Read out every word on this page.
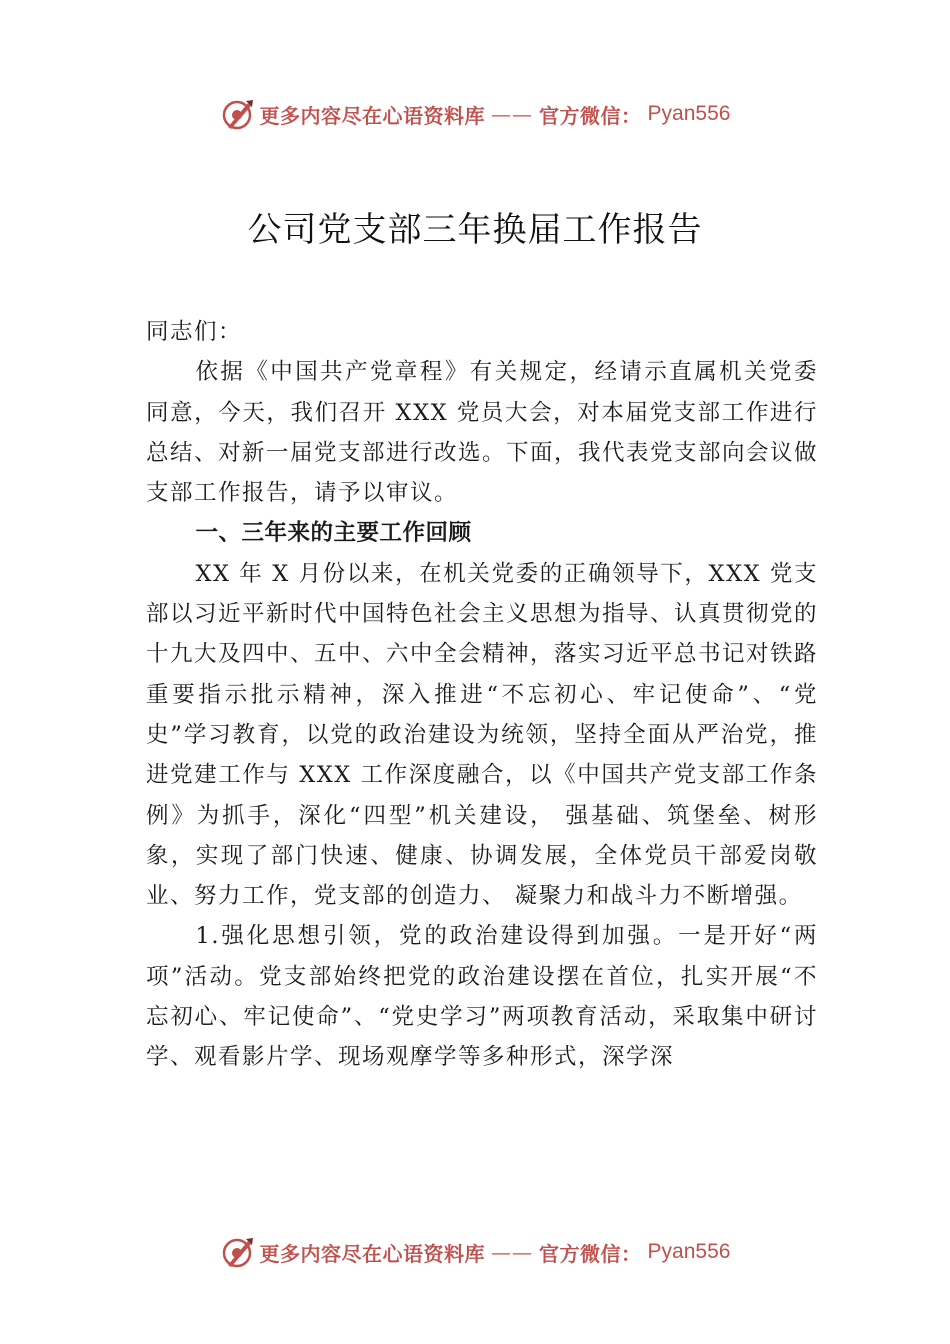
更多内容尽在心语资料库 —— 官方微信： Pyan556
公司党支部三年换届工作报告

同志们：

依据《中国共产党章程》有关规定，经请示直属机关党委同意，今天，我们召开 XXX 党员大会，对本届党支部工作进行总结、对新一届党支部进行改选。下面，我代表党支部向会议做支部工作报告，请予以审议。

一、三年来的主要工作回顾

XX 年 X 月份以来，在机关党委的正确领导下，XXX 党支部以习近平新时代中国特色社会主义思想为指导、认真贯彻党的十九大及四中、五中、六中全会精神，落实习近平总书记对铁路重要指示批示精神，深入推进“不忘初心、牢记使命”、“党史”学习教育，以党的政治建设为统领，坚持全面从严治党，推进党建工作与 XXX 工作深度融合，以《中国共产党支部工作条例》为抓手，深化“四型”机关建设， 强基础、筑堡垒、树形象，实现了部门快速、健康、协调发展，全体党员干部爱岗敬业、努力工作，党支部的创造力、 凝聚力和战斗力不断增强。

1.强化思想引领，党的政治建设得到加强。一是开好“两项”活动。党支部始终把党的政治建设摆在首位，扎实开展“不忘初心、牢记使命”、“党史学习”两项教育活动，采取集中研讨学、观看影片学、现场观摩学等多种形式，深学深

更多内容尽在心语资料库 —— 官方微信： Pyan556
